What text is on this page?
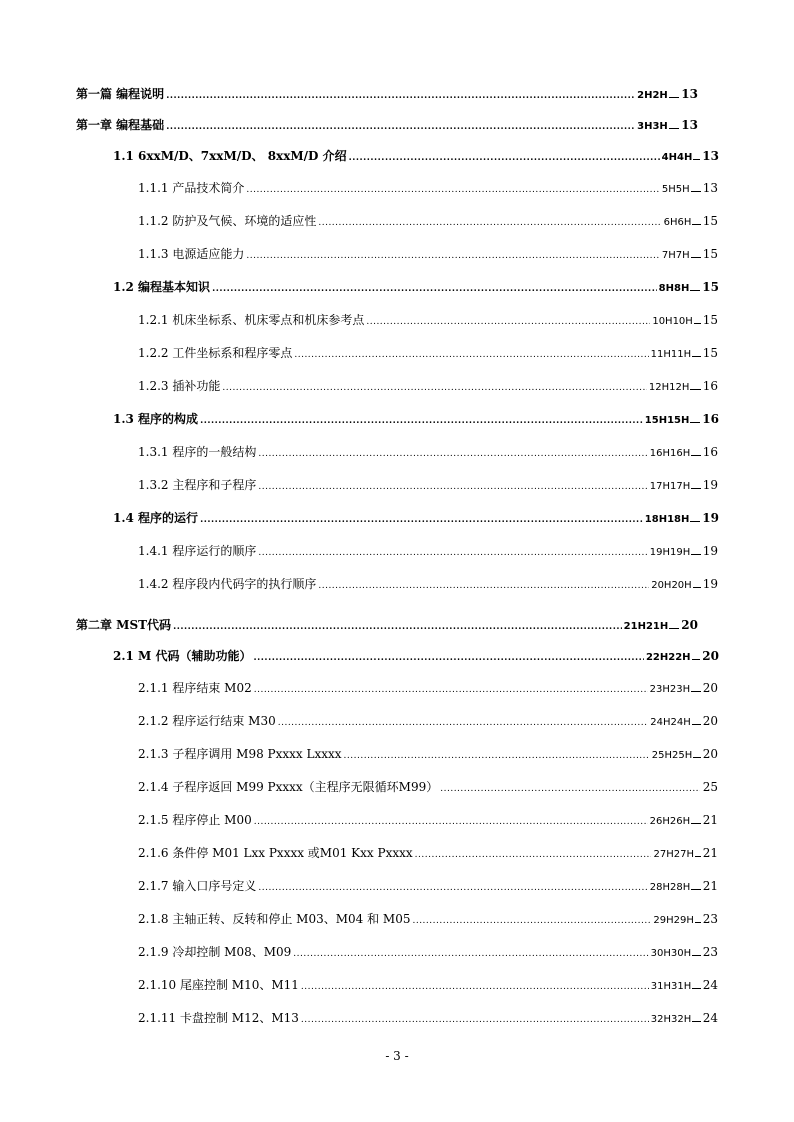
第一篇 编程说明 .....	2H2H 13
第一章 编程基础 .....	3H3H 13
1.1 6xxM/D、7xxM/D、 8xxM/D 介绍 .....	4H4H 13
1.1.1 产品技术简介 .....	5H5H 13
1.1.2 防护及气候、环境的适应性 .....	6H6H 15
1.1.3 电源适应能力 .....	7H7H 15
1.2 编程基本知识 .....	8H8H 15
1.2.1 机床坐标系、机床零点和机床参考点 .....	10H10H 15
1.2.2 工件坐标系和程序零点 .....	11H11H 15
1.2.3 插补功能 .....	12H12H 16
1.3 程序的构成 .....	15H15H 16
1.3.1 程序的一般结构 .....	16H16H 16
1.3.2 主程序和子程序 .....	17H17H 19
1.4 程序的运行 .....	18H18H 19
1.4.1 程序运行的顺序 .....	19H19H 19
1.4.2 程序段内代码字的执行顺序 .....	20H20H 19
第二章 MST代码 .....	21H21H 20
2.1 M 代码（辅助功能） .....	22H22H 20
2.1.1 程序结束 M02 .....	23H23H 20
2.1.2 程序运行结束 M30 .....	24H24H 20
2.1.3 子程序调用 M98 Pxxxx Lxxxx .....	25H25H 20
2.1.4 子程序返回 M99 Pxxxx（主程序无限循环M99） .....	25
2.1.5 程序停止 M00 .....	26H26H 21
2.1.6 条件停 M01 Lxx Pxxxx 或M01 Kxx Pxxxx .....	27H27H 21
2.1.7 输入口序号定义 .....	28H28H 21
2.1.8 主轴正转、反转和停止 M03、M04 和 M05 .....	29H29H 23
2.1.9 冷却控制 M08、M09 .....	30H30H 23
2.1.10 尾座控制 M10、M11 .....	31H31H 24
2.1.11 卡盘控制 M12、M13 .....	32H32H 24
- 3 -
